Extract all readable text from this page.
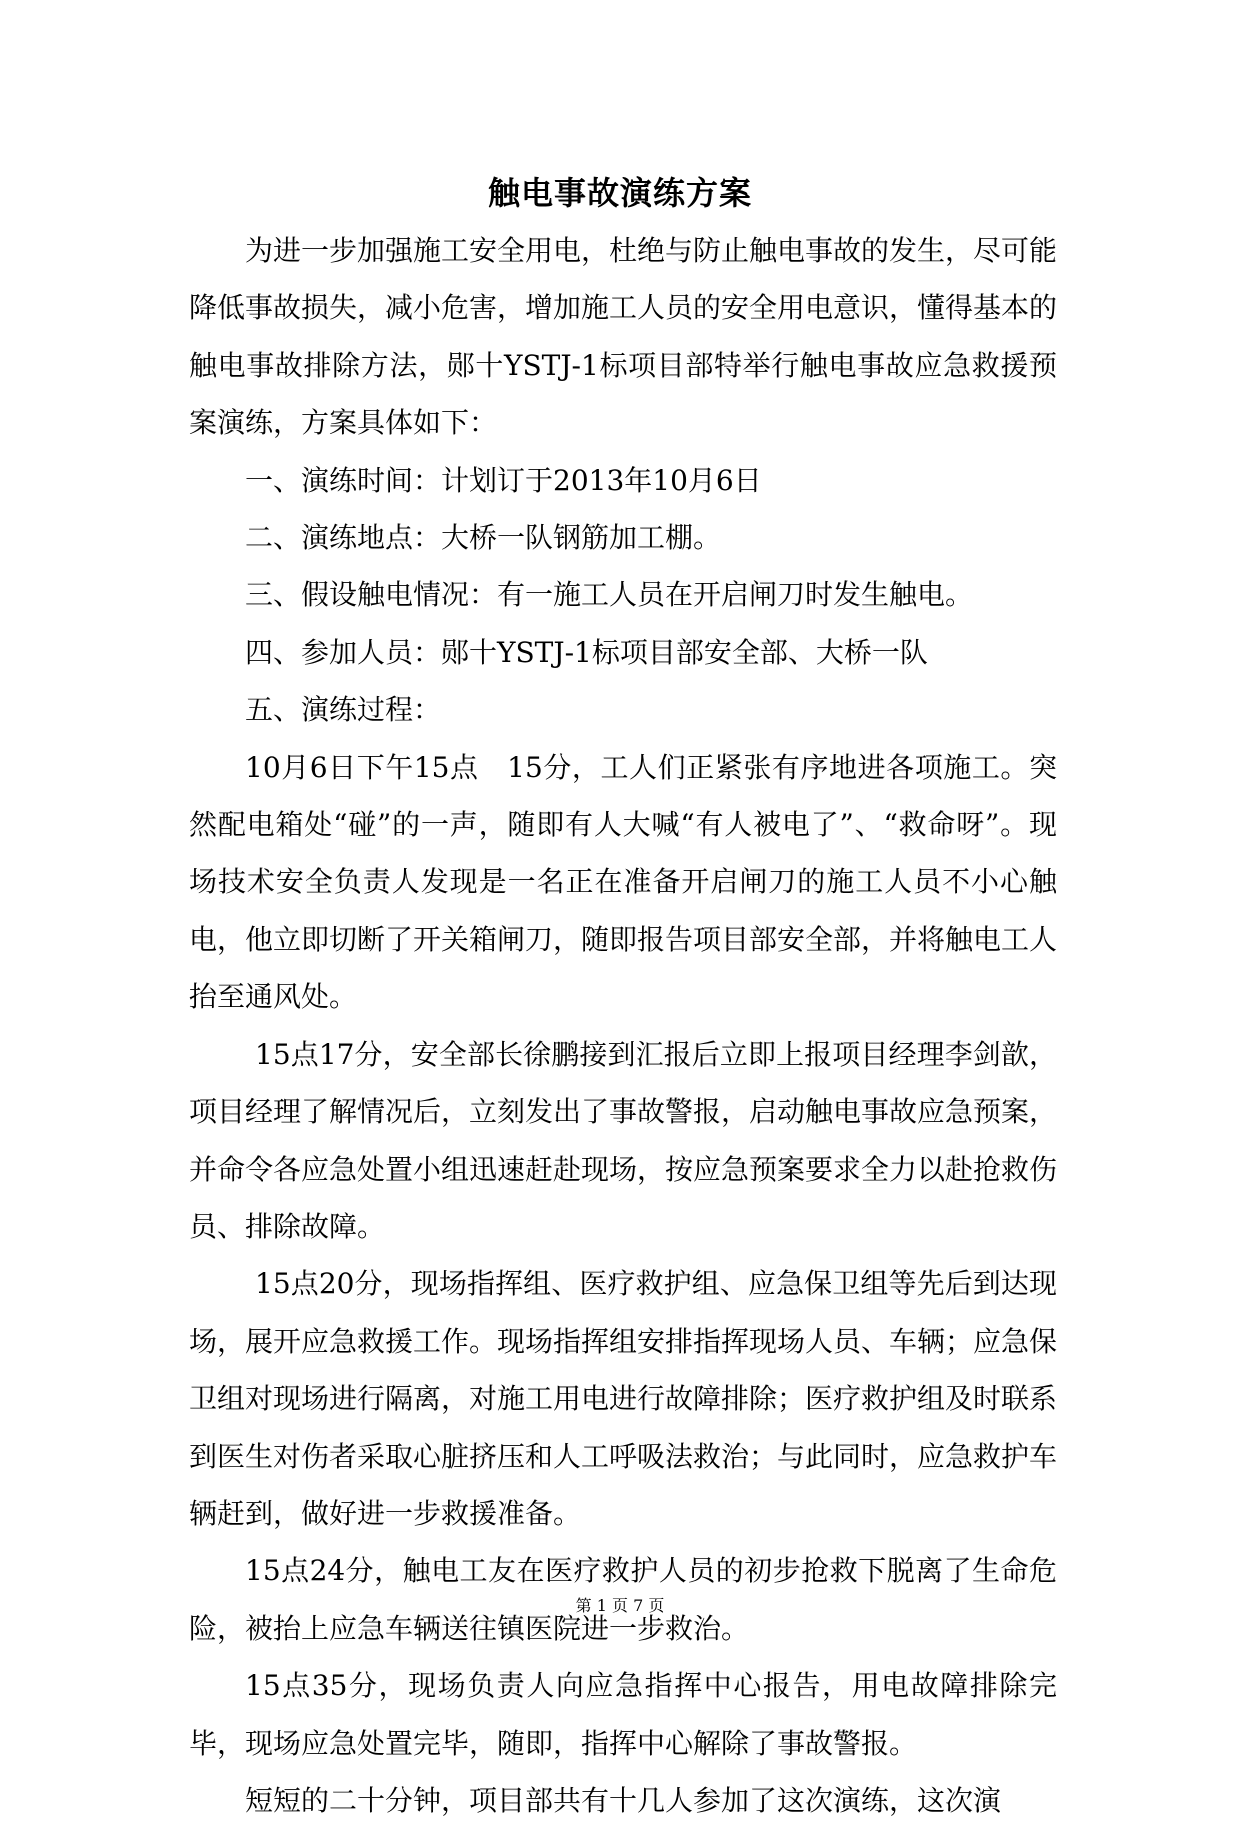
触电事故演练方案

为进一步加强施工安全用电，杜绝与防止触电事故的发生，尽可能降低事故损失，减小危害，增加施工人员的安全用电意识，懂得基本的触电事故排除方法，郧十YSTJ-1标项目部特举行触电事故应急救援预案演练，方案具体如下：

一、演练时间：计划订于2013年10月6日

二、演练地点：大桥一队钢筋加工棚。

三、假设触电情况：有一施工人员在开启闸刀时发生触电。

四、参加人员：郧十YSTJ-1标项目部安全部、大桥一队

五、演练过程：

10月6日下午15点　15分，工人们正紧张有序地进各项施工。突然配电箱处“碰”的一声，随即有人大喊“有人被电了”、“救命呀”。现场技术安全负责人发现是一名正在准备开启闸刀的施工人员不小心触电，他立即切断了开关箱闸刀，随即报告项目部安全部，并将触电工人抬至通风处。

15点17分，安全部长徐鹏接到汇报后立即上报项目经理李剑歆，项目经理了解情况后，立刻发出了事故警报，启动触电事故应急预案，并命令各应急处置小组迅速赶赴现场，按应急预案要求全力以赴抢救伤员、排除故障。

15点20分，现场指挥组、医疗救护组、应急保卫组等先后到达现场，展开应急救援工作。现场指挥组安排指挥现场人员、车辆；应急保卫组对现场进行隔离，对施工用电进行故障排除；医疗救护组及时联系到医生对伤者采取心脏挤压和人工呼吸法救治；与此同时，应急救护车辆赶到，做好进一步救援准备。

15点24分，触电工友在医疗救护人员的初步抢救下脱离了生命危险，被抬上应急车辆送往镇医院进一步救治。

15点35分，现场负责人向应急指挥中心报告，用电故障排除完毕，现场应急处置完毕，随即，指挥中心解除了事故警报。

短短的二十分钟，项目部共有十几人参加了这次演练，这次演

第 1 页 7 页
